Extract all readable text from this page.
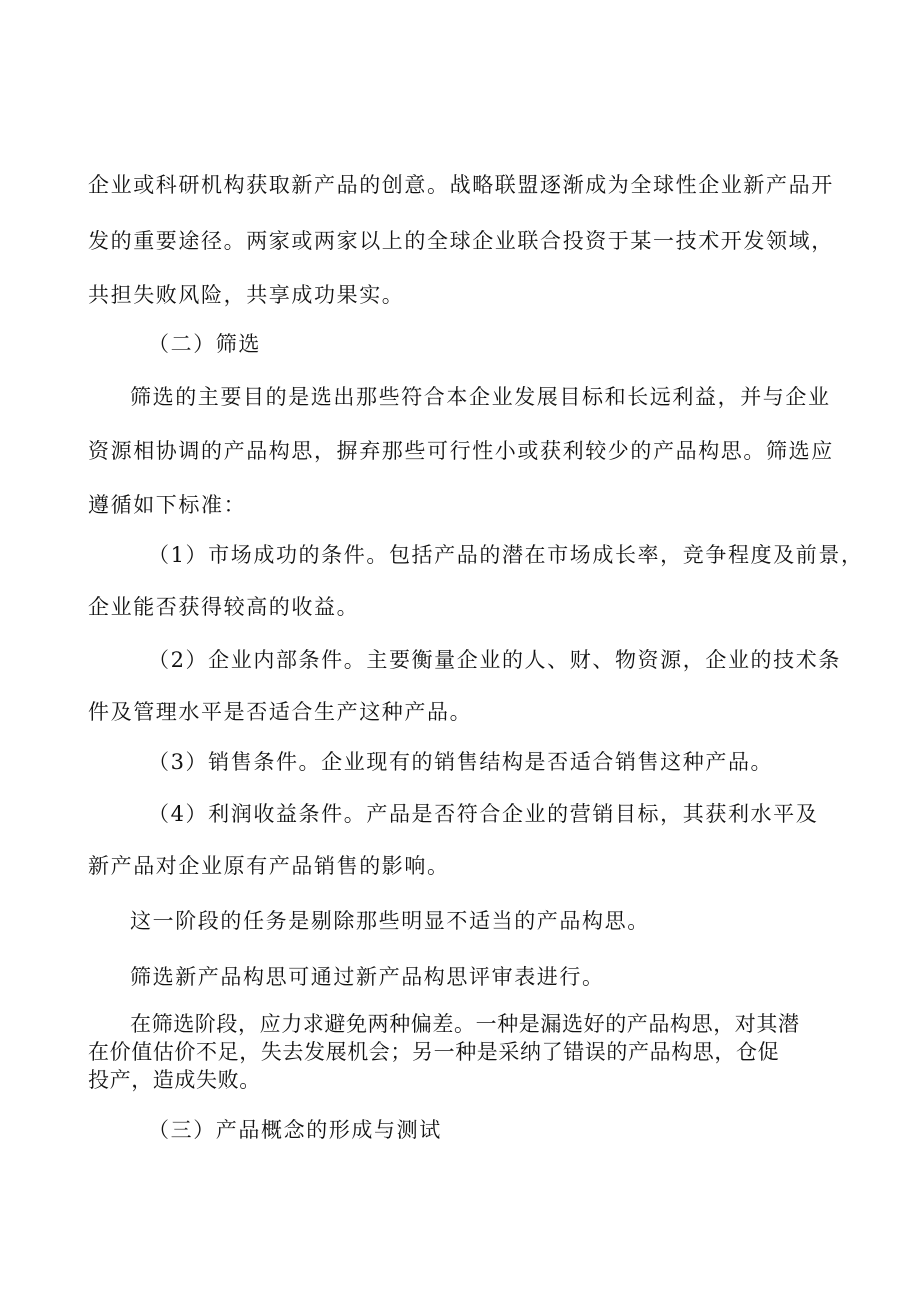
企业或科研机构获取新产品的创意。战略联盟逐渐成为全球性企业新产品开
发的重要途径。两家或两家以上的全球企业联合投资于某一技术开发领域，
共担失败风险，共享成功果实。
（二）筛选
筛选的主要目的是选出那些符合本企业发展目标和长远利益，并与企业
资源相协调的产品构思，摒弃那些可行性小或获利较少的产品构思。筛选应
遵循如下标准：
（1）市场成功的条件。包括产品的潜在市场成长率，竞争程度及前景，
企业能否获得较高的收益。
（2）企业内部条件。主要衡量企业的人、财、物资源，企业的技术条
件及管理水平是否适合生产这种产品。
（3）销售条件。企业现有的销售结构是否适合销售这种产品。
（4）利润收益条件。产品是否符合企业的营销目标，其获利水平及
新产品对企业原有产品销售的影响。
这一阶段的任务是剔除那些明显不适当的产品构思。
筛选新产品构思可通过新产品构思评审表进行。
在筛选阶段，应力求避免两种偏差。一种是漏选好的产品构思，对其潜
在价值估价不足，失去发展机会；另一种是采纳了错误的产品构思，仓促
投产，造成失败。
（三）产品概念的形成与测试
